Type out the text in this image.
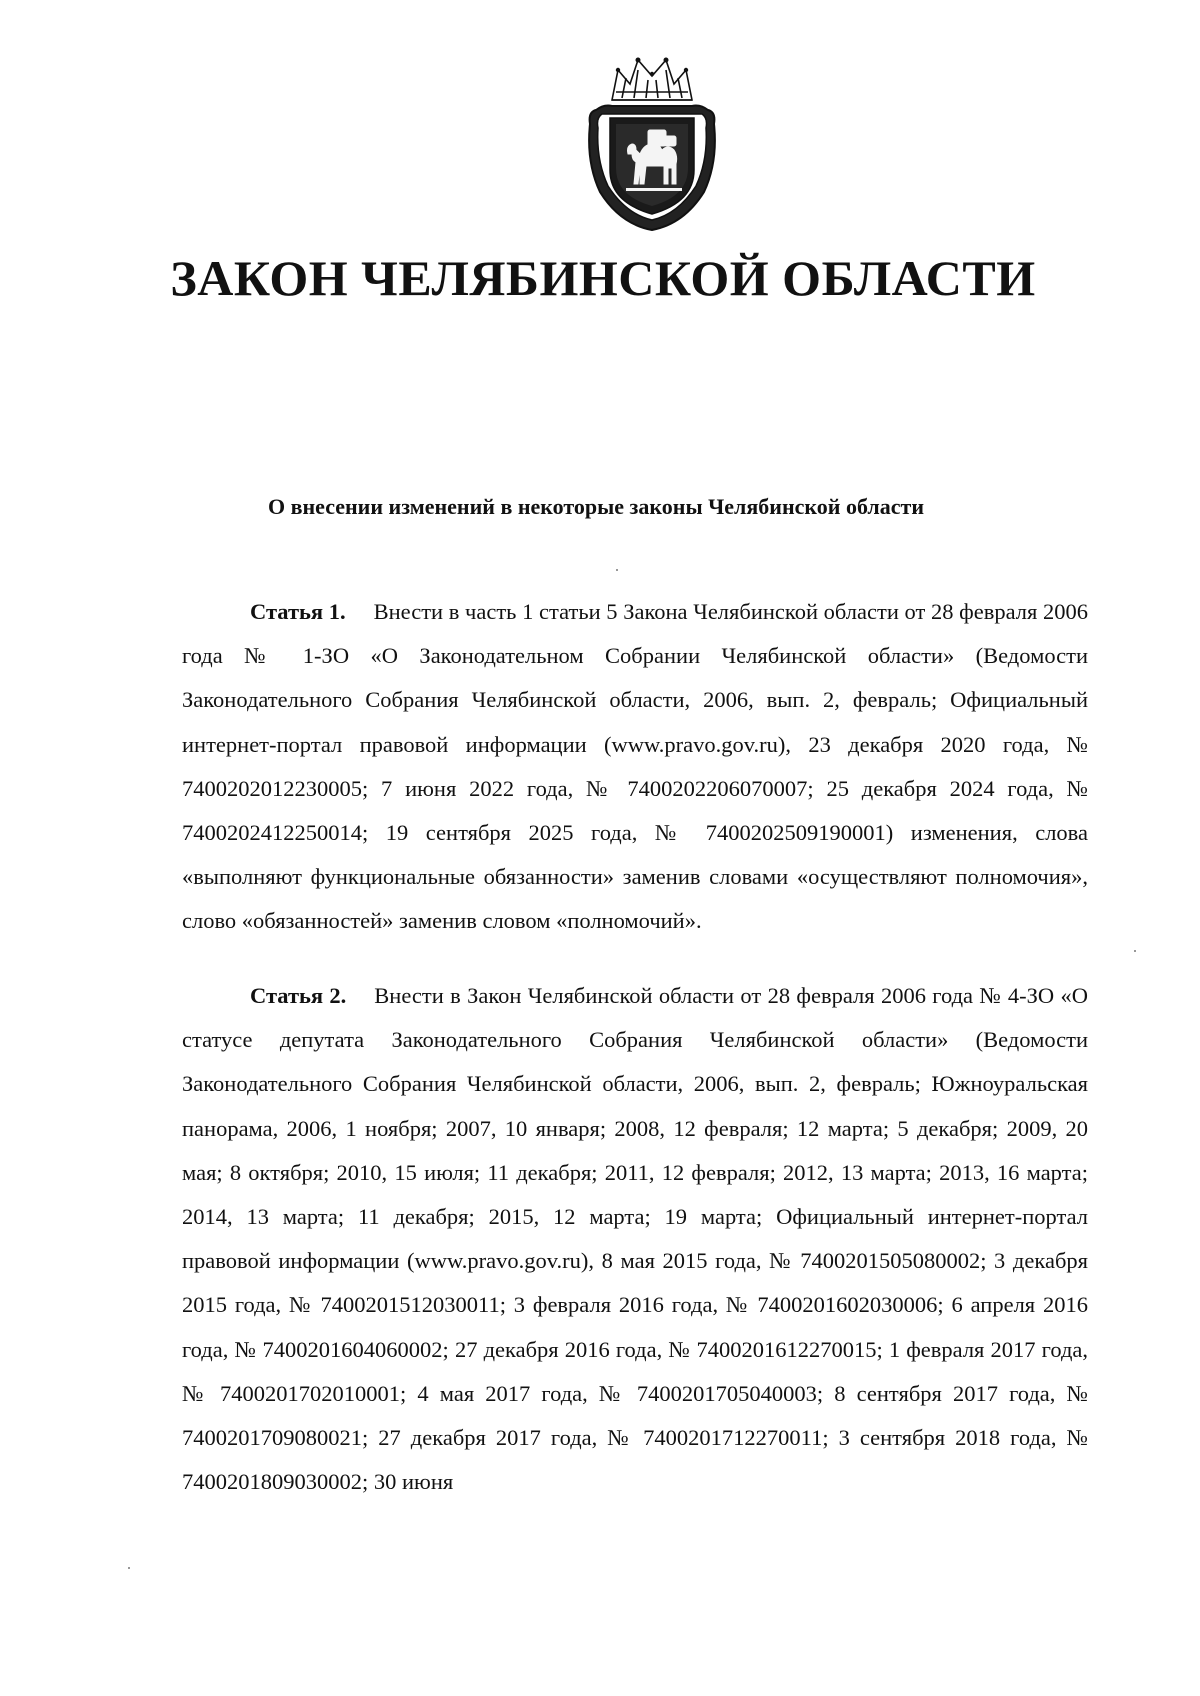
ЗАКОН ЧЕЛЯБИНСКОЙ ОБЛАСТИ

О внесении изменений в некоторые законы Челябинской области

Статья 1. Внести в часть 1 статьи 5 Закона Челябинской области от 28 февраля 2006 года № 1-ЗО «О Законодательном Собрании Челябинской области» (Ведомости Законодательного Собрания Челябинской области, 2006, вып. 2, февраль; Официальный интернет-портал правовой информации (www.pravo.gov.ru), 23 декабря 2020 года, № 7400202012230005; 7 июня 2022 года, № 7400202206070007; 25 декабря 2024 года, № 7400202412250014; 19 сентября 2025 года, № 7400202509190001) изменения, слова «выполняют функциональные обязанности» заменив словами «осуществляют полномочия», слово «обязанностей» заменив словом «полномочий».

Статья 2. Внести в Закон Челябинской области от 28 февраля 2006 года № 4-ЗО «О статусе депутата Законодательного Собрания Челябинской области» (Ведомости Законодательного Собрания Челябинской области, 2006, вып. 2, февраль; Южноуральская панорама, 2006, 1 ноября; 2007, 10 января; 2008, 12 февраля; 12 марта; 5 декабря; 2009, 20 мая; 8 октября; 2010, 15 июля; 11 декабря; 2011, 12 февраля; 2012, 13 марта; 2013, 16 марта; 2014, 13 марта; 11 декабря; 2015, 12 марта; 19 марта; Официальный интернет-портал правовой информации (www.pravo.gov.ru), 8 мая 2015 года, № 7400201505080002; 3 декабря 2015 года, № 7400201512030011; 3 февраля 2016 года, № 7400201602030006; 6 апреля 2016 года, № 7400201604060002; 27 декабря 2016 года, № 7400201612270015; 1 февраля 2017 года, № 7400201702010001; 4 мая 2017 года, № 7400201705040003; 8 сентября 2017 года, № 7400201709080021; 27 декабря 2017 года, № 7400201712270011; 3 сентября 2018 года, № 7400201809030002; 30 июня
